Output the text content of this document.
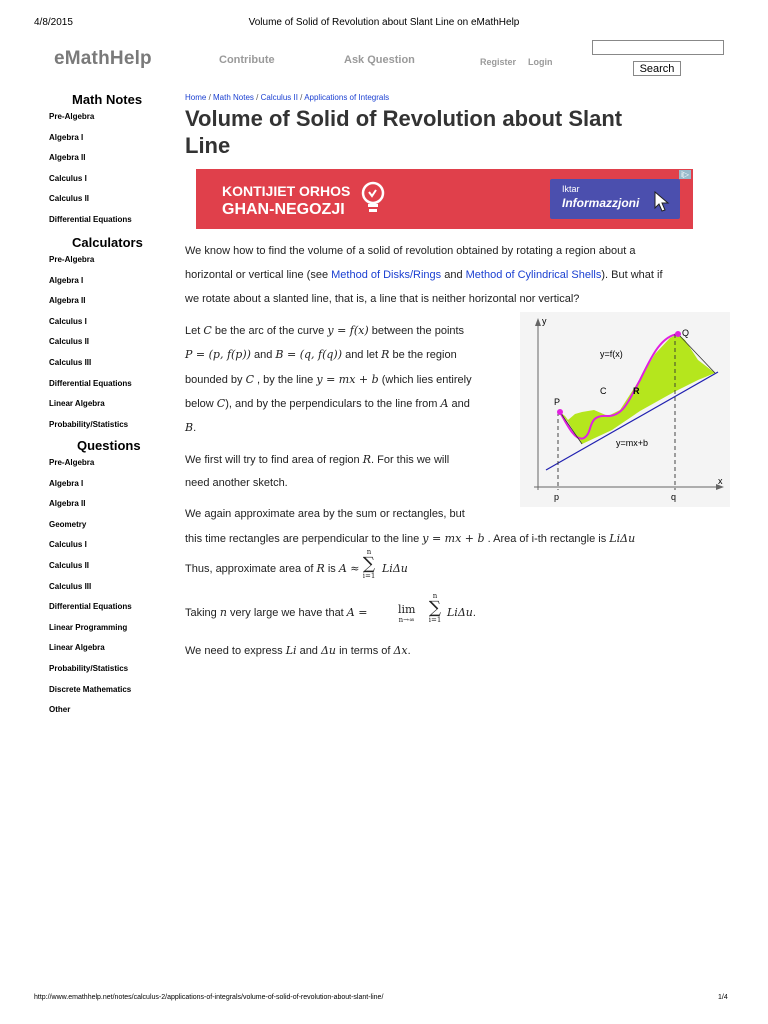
4/8/2015	Volume of Solid of Revolution about Slant Line on eMathHelp
eMathHelp	Contribute	Ask Question	Register Login
Search
Math Notes
Pre-Algebra
Algebra I
Algebra II
Calculus I
Calculus II
Differential Equations
Calculators
Pre-Algebra
Algebra I
Algebra II
Calculus I
Calculus II
Calculus III
Differential Equations
Linear Algebra
Probability/Statistics
Questions
Pre-Algebra
Algebra I
Algebra II
Geometry
Calculus I
Calculus II
Calculus III
Differential Equations
Linear Programming
Linear Algebra
Probability/Statistics
Discrete Mathematics
Other
Home / Math Notes / Calculus II / Applications of Integrals
Volume of Solid of Revolution about Slant
Line
KONTIJIET ORHOS
GHAN-NEGOZJI
Iktar
Informazzjoni
i▷
We know how to find the volume of a solid of revolution obtained by rotating a region about a
horizontal or vertical line (see Method of Disks/Rings and Method of Cylindrical Shells). But what if
we rotate about a slanted line, that is, a line that is neither horizontal nor vertical?
Let C be the arc of the curve y = f(x) between the points
P = (p, f(p)) and B = (q, f(q)) and let R be the region
bounded by C , by the line y = mx + b (which lies entirely
below C), and by the perpendiculars to the line from A and
B.
We first will try to find area of region R. For this we will
need another sketch.
We again approximate area by the sum or rectangles, but
this time rectangles are perpendicular to the line y = mx + b . Area of i-th rectangle is LiΔu
Thus, approximate area of R is A ≈
n
∑
i=1
LiΔu
Taking n very large we have that A =	lim
n→∞
n
∑
i=1
LiΔu.
We need to express Li and Δu in terms of Δx.
y
x
P
Q
y=f(x)
C	R
y=mx+b
p	q
http://www.emathhelp.net/notes/calculus-2/applications-of-integrals/volume-of-solid-of-revolution-about-slant-line/	1/4
